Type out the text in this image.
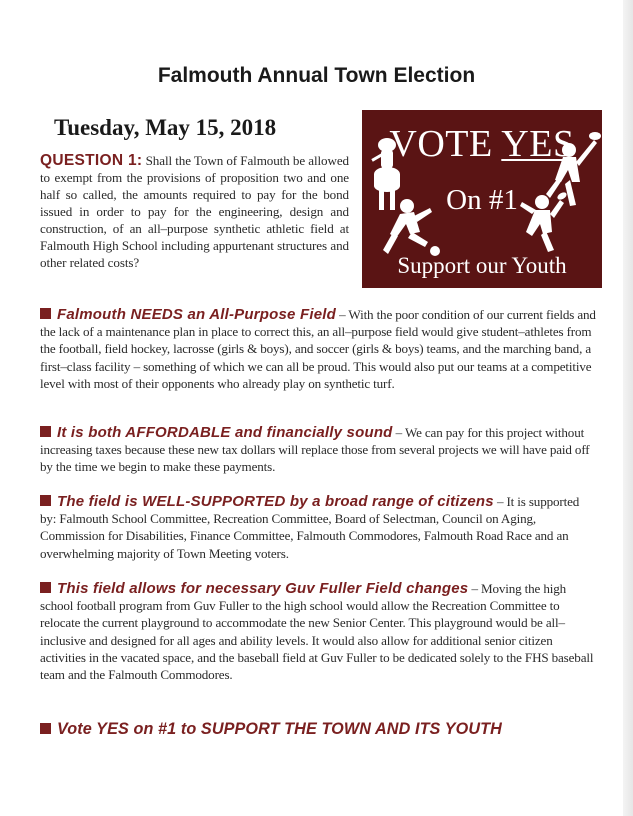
Falmouth Annual Town Election
Tuesday, May 15, 2018

QUESTION 1: Shall the Town of Falmouth be allowed to exempt from the provisions of proposition two and one half so called, the amounts required to pay for the bond issued in order to pay for the engineering, design and construction, of an all–purpose synthetic athletic field at Falmouth High School including appurtenant structures and other related costs?

VOTE YES

On #1

Support our Youth

Falmouth NEEDS an All-Purpose Field – With the poor condition of our current fields and the lack of a maintenance plan in place to correct this, an all–purpose field would give student–athletes from the football, field hockey, lacrosse (girls & boys), and soccer (girls & boys) teams, and the marching band, a first–class facility – something of which we can all be proud. This would also put our teams at a competitive level with most of their opponents who already play on synthetic turf.

It is both AFFORDABLE and financially sound – We can pay for this project without increasing taxes because these new tax dollars will replace those from several projects we will have paid off by the time we begin to make these payments.

The field is WELL-SUPPORTED by a broad range of citizens – It is supported by: Falmouth School Committee, Recreation Committee, Board of Selectman, Council on Aging, Commission for Disabilities, Finance Committee, Falmouth Commodores, Falmouth Road Race and an overwhelming majority of Town Meeting voters.

This field allows for necessary Guv Fuller Field changes – Moving the high school football program from Guv Fuller to the high school would allow the Recreation Committee to relocate the current playground to accommodate the new Senior Center. This playground would be all–inclusive and designed for all ages and ability levels. It would also allow for additional senior citizen activities in the vacated space, and the baseball field at Guv Fuller to be dedicated solely to the FHS baseball team and the Falmouth Commodores.

Vote YES on #1 to SUPPORT THE TOWN AND ITS YOUTH
